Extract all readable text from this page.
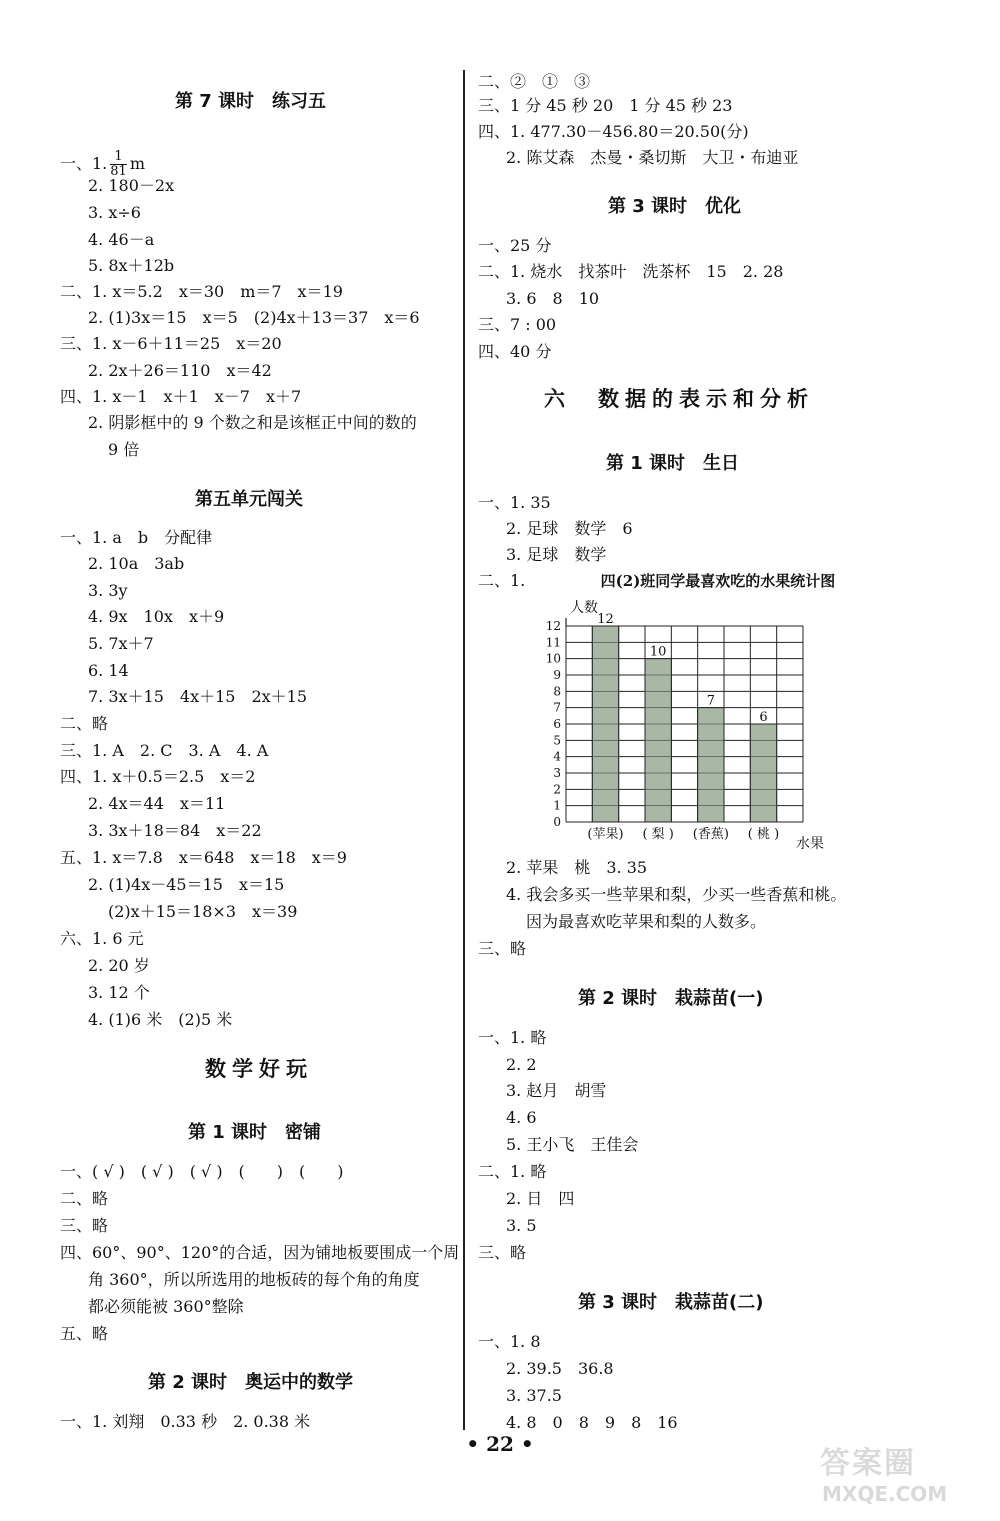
第 7 课时　练习五
一、1. $\frac{1}{81}$ m
2. 180－2x
3. x÷6
4. 46－a
5. 8x＋12b
二、1. x＝5.2　x＝30　m＝7　x＝19
2. (1)3x＝15　x＝5　(2)4x＋13＝37　x＝6
三、1. x－6＋11＝25　x＝20
2. 2x＋26＝110　x＝42
四、1. x－1　x＋1　x－7　x＋7
2. 阴影框中的 9 个数之和是该框正中间的数的
9 倍
第五单元闯关
一、1. a　b　分配律
2. 10a　3ab
3. 3y
4. 9x　10x　x＋9
5. 7x＋7
6. 14
7. 3x＋15　4x＋15　2x＋15
二、略
三、1. A　2. C　3. A　4. A
四、1. x＋0.5＝2.5　x＝2
2. 4x＝44　x＝11
3. 3x＋18＝84　x＝22
五、1. x＝7.8　x＝648　x＝18　x＝9
2. (1)4x－45＝15　x＝15
(2)x＋15＝18×3　x＝39
六、1. 6 元
2. 20 岁
3. 12 个
4. (1)6 米　(2)5 米
数学好玩
第 1 课时　密铺
一、( √ )　( √ )　( √ )　(　　)　(　　)
二、略
三、略
四、60°、90°、120°的合适，因为铺地板要围成一个周
角 360°，所以所选用的地板砖的每个角的角度
都必须能被 360°整除
五、略
第 2 课时　奥运中的数学
一、1. 刘翔　0.33 秒　2. 0.38 米
二、②　①　③
三、1 分 45 秒 20　1 分 45 秒 23
四、1. 477.30－456.80＝20.50(分)
2. 陈艾森　杰曼・桑切斯　大卫・布迪亚
第 3 课时　优化
一、25 分
二、1. 烧水　找茶叶　洗茶杯　15　2. 28
3. 6　8　10
三、7 : 00
四、40 分
六　数据的表示和分析
第 1 课时　生日
一、1. 35
2. 足球　数学　6
3. 足球　数学
二、1.	四(2)班同学最喜欢吃的水果统计图
人数
水果
0
1
2
3
4
5
6
7
8
9
10
11
12
(苹果) ( 梨 ) (香蕉) ( 桃 )
12
10
7
6
2. 苹果　桃　3. 35
4. 我会多买一些苹果和梨，少买一些香蕉和桃。
因为最喜欢吃苹果和梨的人数多。
三、略
第 2 课时　栽蒜苗(一)
一、1. 略
2. 2
3. 赵月　胡雪
4. 6
5. 王小飞　王佳会
二、1. 略
2. 日　四
3. 5
三、略
第 3 课时　栽蒜苗(二)
一、1. 8
2. 39.5　36.8
3. 37.5
4. 8　0　8　9　8　16
• 22 •
答案圈
MXQE.COM
